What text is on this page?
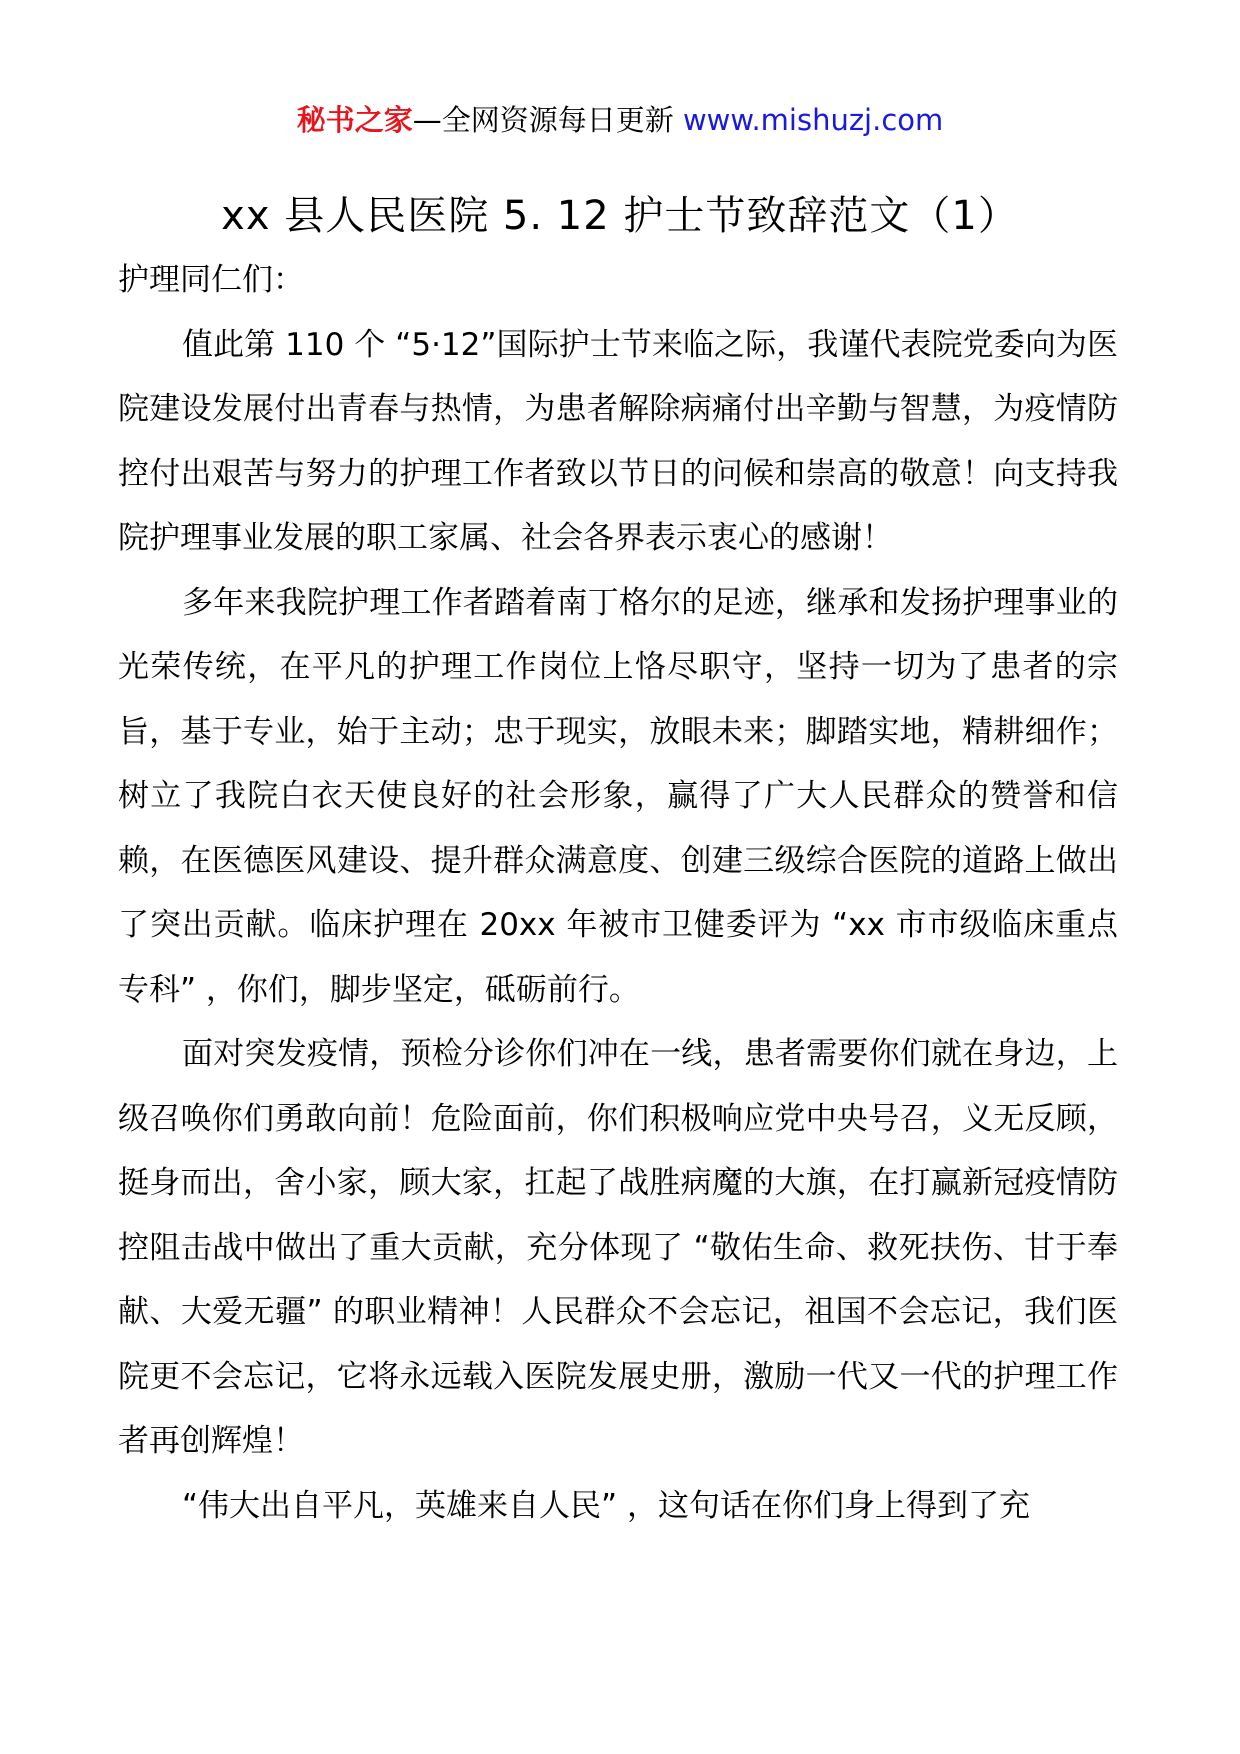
秘书之家—全网资源每日更新 www.mishuzj.com
xx 县人民医院 5. 12 护士节致辞范文（1）

护理同仁们：

值此第 110 个 “5·12”国际护士节来临之际，我谨代表院党委向为医院建设发展付出青春与热情，为患者解除病痛付出辛勤与智慧，为疫情防控付出艰苦与努力的护理工作者致以节日的问候和崇高的敬意！向支持我院护理事业发展的职工家属、社会各界表示衷心的感谢！

多年来我院护理工作者踏着南丁格尔的足迹，继承和发扬护理事业的光荣传统，在平凡的护理工作岗位上恪尽职守，坚持一切为了患者的宗旨，基于专业，始于主动；忠于现实，放眼未来；脚踏实地，精耕细作；树立了我院白衣天使良好的社会形象，赢得了广大人民群众的赞誉和信赖，在医德医风建设、提升群众满意度、创建三级综合医院的道路上做出了突出贡献。临床护理在 20xx 年被市卫健委评为 “xx 市市级临床重点专科” ，你们，脚步坚定，砥砺前行。

面对突发疫情，预检分诊你们冲在一线，患者需要你们就在身边，上级召唤你们勇敢向前！危险面前，你们积极响应党中央号召，义无反顾，挺身而出，舍小家，顾大家，扛起了战胜病魔的大旗，在打赢新冠疫情防控阻击战中做出了重大贡献，充分体现了 “敬佑生命、救死扶伤、甘于奉献、大爱无疆” 的职业精神！人民群众不会忘记，祖国不会忘记，我们医院更不会忘记，它将永远载入医院发展史册，激励一代又一代的护理工作者再创辉煌！

“伟大出自平凡，英雄来自人民” ，这句话在你们身上得到了充
